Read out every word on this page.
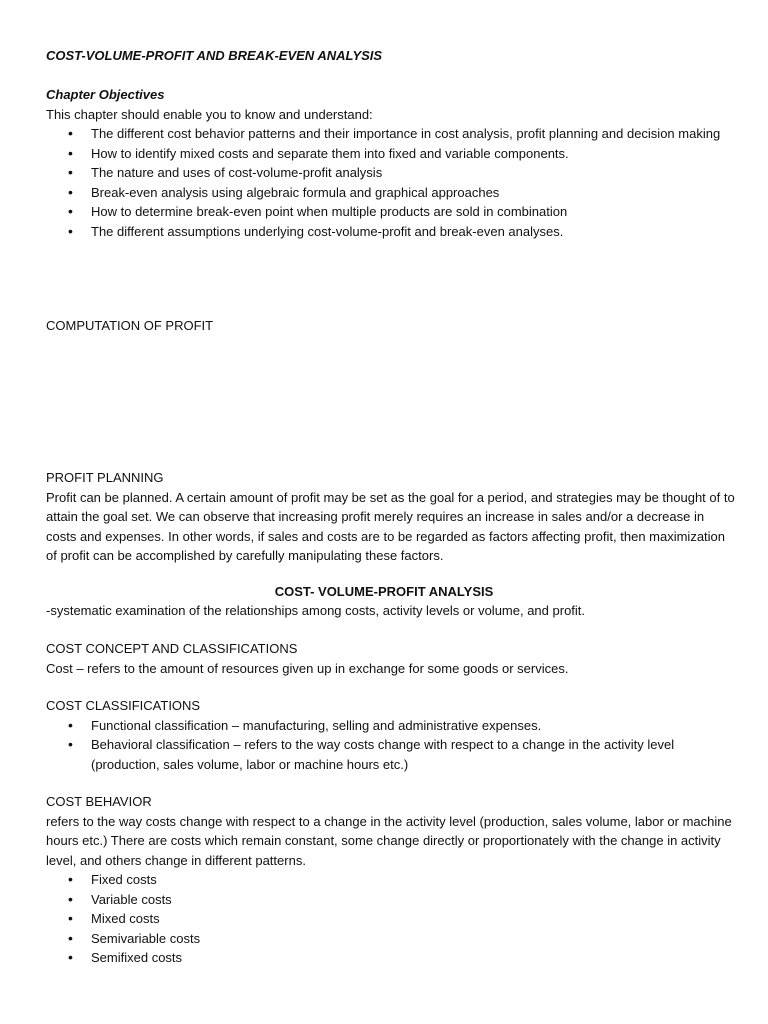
COST-VOLUME-PROFIT AND BREAK-EVEN ANALYSIS

Chapter Objectives

This chapter should enable you to know and understand:

• The different cost behavior patterns and their importance in cost analysis, profit planning and decision making
• How to identify mixed costs and separate them into fixed and variable components.
• The nature and uses of cost-volume-profit analysis
• Break-even analysis using algebraic formula and graphical approaches
• How to determine break-even point when multiple products are sold in combination
• The different assumptions underlying cost-volume-profit and break-even analyses.

COMPUTATION OF PROFIT

PROFIT PLANNING

Profit can be planned. A certain amount of profit may be set as the goal for a period, and strategies may be thought of to attain the goal set. We can observe that increasing profit merely requires an increase in sales and/or a decrease in costs and expenses. In other words, if sales and costs are to be regarded as factors affecting profit, then maximization of profit can be accomplished by carefully manipulating these factors.

COST- VOLUME-PROFIT ANALYSIS

-systematic examination of the relationships among costs, activity levels or volume, and profit.

COST CONCEPT AND CLASSIFICATIONS

Cost – refers to the amount of resources given up in exchange for some goods or services.

COST CLASSIFICATIONS

• Functional classification – manufacturing, selling and administrative expenses.
• Behavioral classification – refers to the way costs change with respect to a change in the activity level (production, sales volume, labor or machine hours etc.)

COST BEHAVIOR

refers to the way costs change with respect to a change in the activity level (production, sales volume, labor or machine hours etc.) There are costs which remain constant, some change directly or proportionately with the change in activity level, and others change in different patterns.

• Fixed costs
• Variable costs
• Mixed costs
• Semivariable costs
• Semifixed costs
